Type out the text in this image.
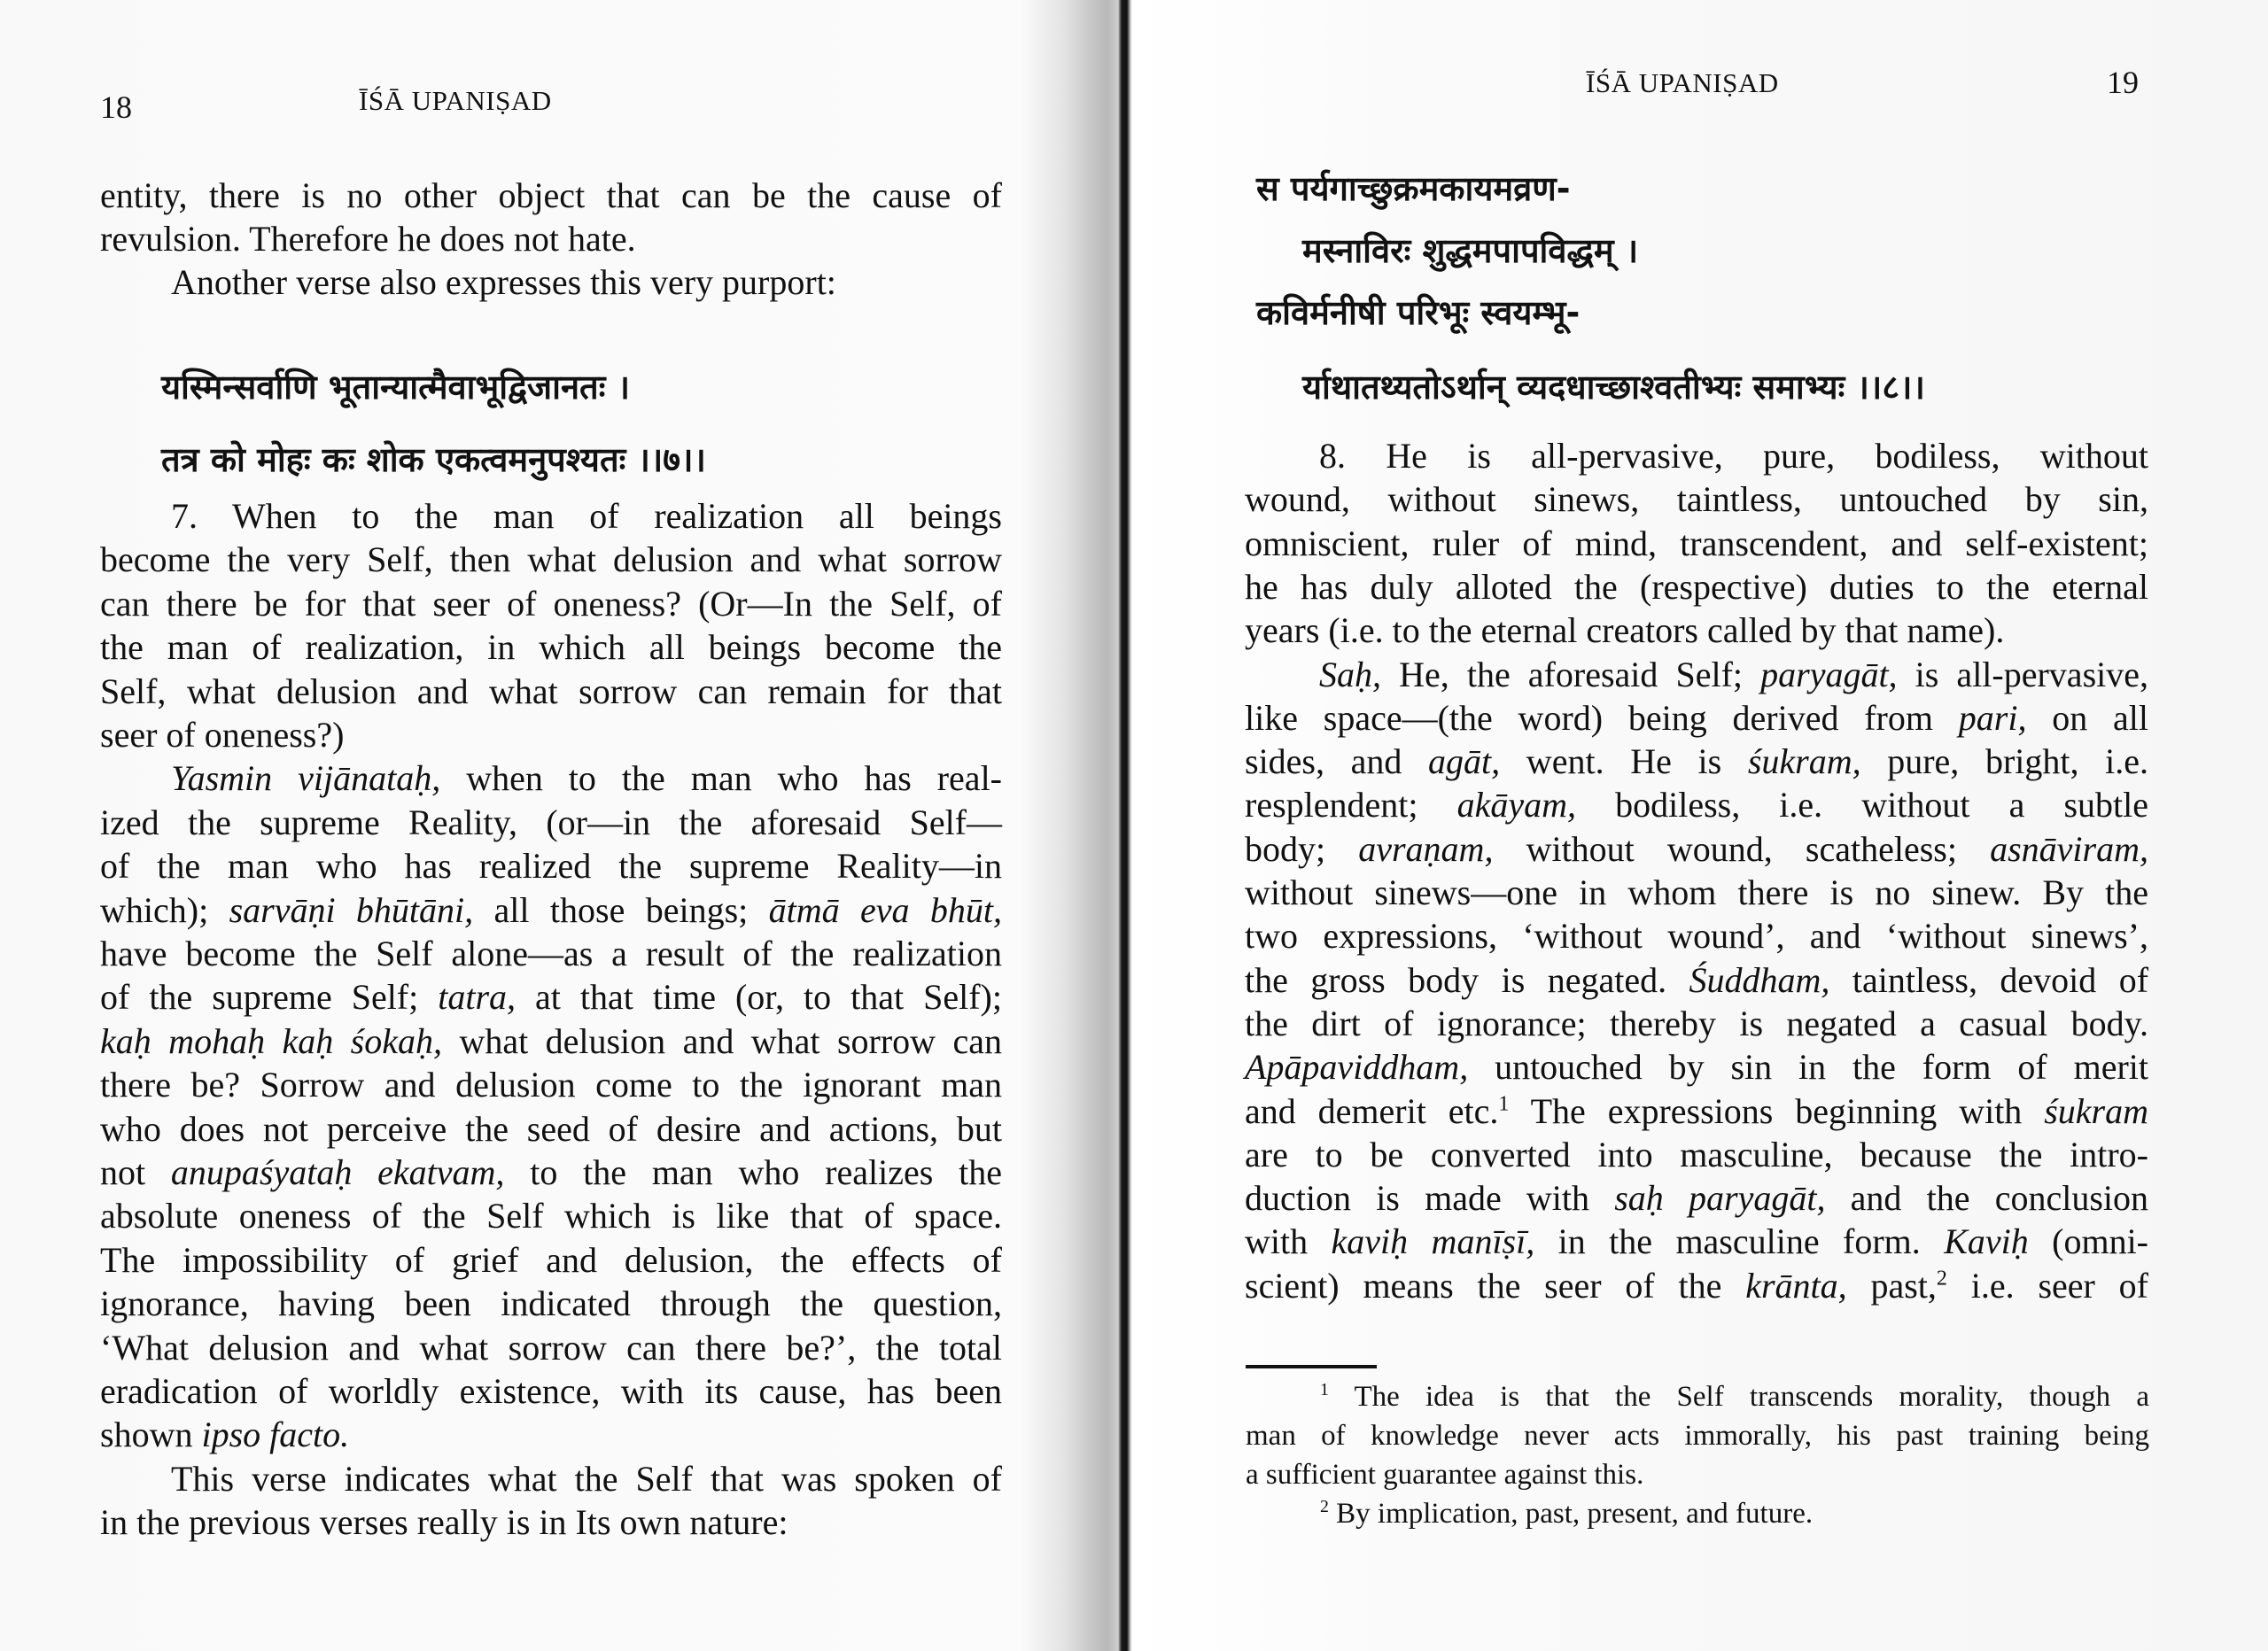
18	ĪŚĀ UPANIṢAD
entity, there is no other object that can be the cause of
revulsion. Therefore he does not hate.
Another verse also expresses this very purport:
7. When to the man of realization all beings
become the very Self, then what delusion and what sorrow
can there be for that seer of oneness? (Or—In the Self, of
the man of realization, in which all beings become the
Self, what delusion and what sorrow can remain for that
seer of oneness?)
Yasmin vijānataḥ, when to the man who has real-
ized the supreme Reality, (or—in the aforesaid Self—
of the man who has realized the supreme Reality—in
which); sarvāṇi bhūtāni, all those beings; ātmā eva bhūt,
have become the Self alone—as a result of the realization
of the supreme Self; tatra, at that time (or, to that Self);
kaḥ mohaḥ kaḥ śokaḥ, what delusion and what sorrow can
there be? Sorrow and delusion come to the ignorant man
who does not perceive the seed of desire and actions, but
not anupaśyataḥ ekatvam, to the man who realizes the
absolute oneness of the Self which is like that of space.
The impossibility of grief and delusion, the effects of
ignorance, having been indicated through the question,
‘What delusion and what sorrow can there be?’, the total
eradication of worldly existence, with its cause, has been
shown ipso facto.
This verse indicates what the Self that was spoken of
in the previous verses really is in Its own nature:
यस्मिन्सर्वाणि भूतान्यात्मैवाभूद्विजानतः ।
तत्र को मोहः कः शोक एकत्वमनुपश्यतः ।।७।।
ĪŚĀ UPANIṢAD	19
स पर्यगाच्छुक्रमकायमव्रण-
मस्नाविरः शुद्धमपापविद्धम् ।
कविर्मनीषी परिभूः स्वयम्भू-
र्याथातथ्यतोऽर्थान् व्यदधाच्छाश्वतीभ्यः समाभ्यः ।।८।।
8. He is all-pervasive, pure, bodiless, without
wound, without sinews, taintless, untouched by sin,
omniscient, ruler of mind, transcendent, and self-existent;
he has duly alloted the (respective) duties to the eternal
years (i.e. to the eternal creators called by that name).
Saḥ, He, the aforesaid Self; paryagāt, is all-pervasive,
like space—(the word) being derived from pari, on all
sides, and agāt, went. He is śukram, pure, bright, i.e.
resplendent; akāyam, bodiless, i.e. without a subtle
body; avraṇam, without wound, scatheless; asnāviram,
without sinews—one in whom there is no sinew. By the
two expressions, ‘without wound’, and ‘without sinews’,
the gross body is negated. Śuddham, taintless, devoid of
the dirt of ignorance; thereby is negated a casual body.
Apāpaviddham, untouched by sin in the form of merit
and demerit etc.$^1$ The expressions beginning with śukram
are to be converted into masculine, because the intro-
duction is made with saḥ paryagāt, and the conclusion
with kaviḥ manīṣī, in the masculine form. Kaviḥ (omni-
scient) means the seer of the krānta, past,$^2$ i.e. seer of
$^1$ The idea is that the Self transcends morality, though a
man of knowledge never acts immorally, his past training being
a sufficient guarantee against this.
$^2$ By implication, past, present, and future.
